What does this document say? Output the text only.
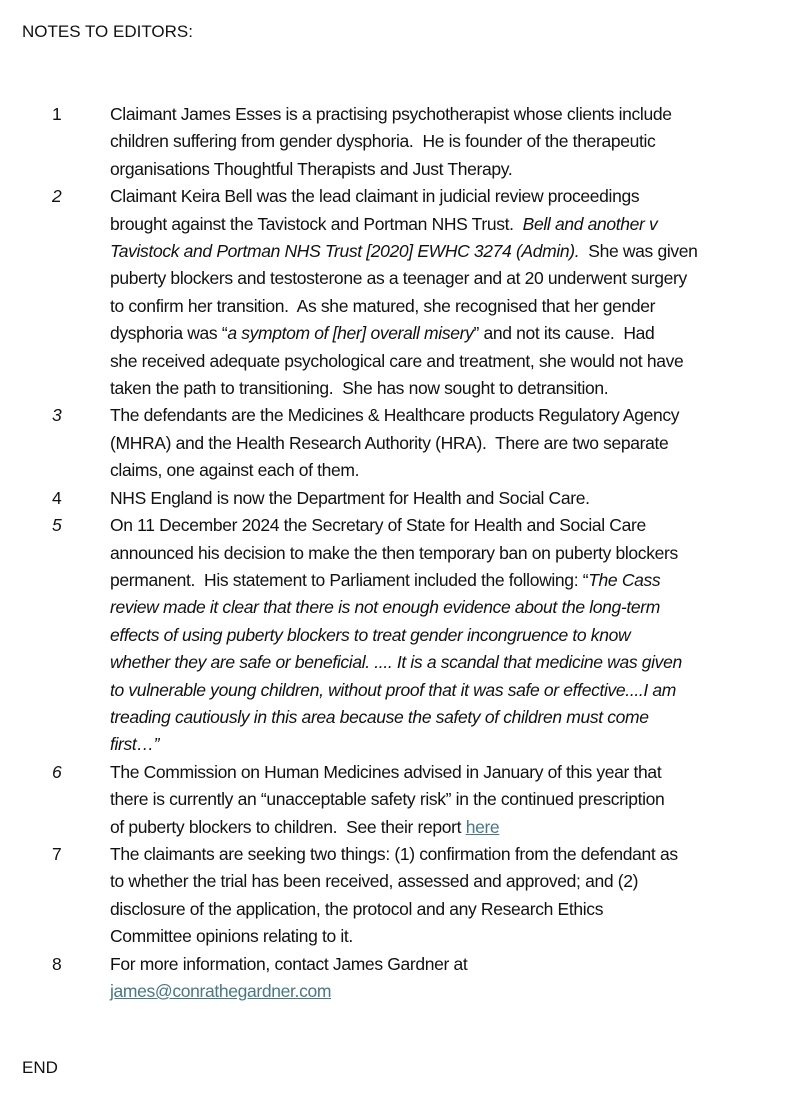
NOTES TO EDITORS:
1	Claimant James Esses is a practising psychotherapist whose clients include
children suffering from gender dysphoria.  He is founder of the therapeutic
organisations Thoughtful Therapists and Just Therapy.
2	Claimant Keira Bell was the lead claimant in judicial review proceedings
brought against the Tavistock and Portman NHS Trust.  Bell and another v
Tavistock and Portman NHS Trust [2020] EWHC 3274 (Admin).  She was given
puberty blockers and testosterone as a teenager and at 20 underwent surgery
to confirm her transition.  As she matured, she recognised that her gender
dysphoria was “a symptom of [her] overall misery” and not its cause.  Had
she received adequate psychological care and treatment, she would not have
taken the path to transitioning.  She has now sought to detransition.
3	The defendants are the Medicines & Healthcare products Regulatory Agency
(MHRA) and the Health Research Authority (HRA).  There are two separate
claims, one against each of them.
4	NHS England is now the Department for Health and Social Care.
5	On 11 December 2024 the Secretary of State for Health and Social Care
announced his decision to make the then temporary ban on puberty blockers
permanent.  His statement to Parliament included the following: “The Cass
review made it clear that there is not enough evidence about the long-term
effects of using puberty blockers to treat gender incongruence to know
whether they are safe or beneficial. .... It is a scandal that medicine was given
to vulnerable young children, without proof that it was safe or effective....I am
treading cautiously in this area because the safety of children must come
first…”
6	The Commission on Human Medicines advised in January of this year that
there is currently an “unacceptable safety risk” in the continued prescription
of puberty blockers to children.  See their report here
7	The claimants are seeking two things: (1) confirmation from the defendant as
to whether the trial has been received, assessed and approved; and (2)
disclosure of the application, the protocol and any Research Ethics
Committee opinions relating to it.
8	For more information, contact James Gardner at
james@conrathegardner.com
END
